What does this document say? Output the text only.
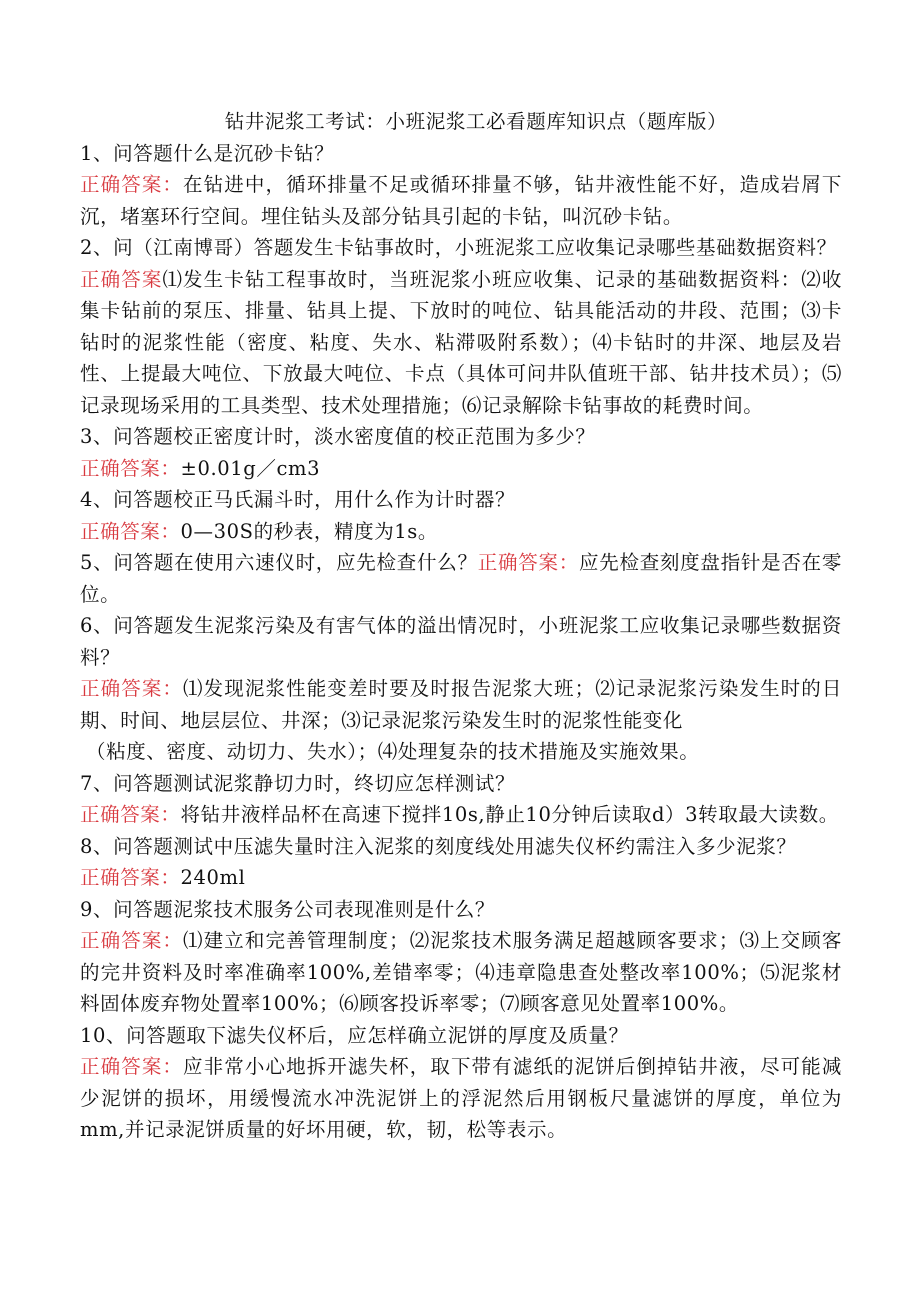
钻井泥浆工考试：小班泥浆工必看题库知识点（题库版）

1、问答题什么是沉砂卡钻？

正确答案：在钻进中，循环排量不足或循环排量不够，钻井液性能不好，造成岩屑下沉，堵塞环行空间。埋住钻头及部分钻具引起的卡钻，叫沉砂卡钻。

2、问（江南博哥）答题发生卡钻事故时，小班泥浆工应收集记录哪些基础数据资料？

正确答案⑴发生卡钻工程事故时，当班泥浆小班应收集、记录的基础数据资料：⑵收集卡钻前的泵压、排量、钻具上提、下放时的吨位、钻具能活动的井段、范围；⑶卡钻时的泥浆性能（密度、粘度、失水、粘滞吸附系数）；⑷卡钻时的井深、地层及岩性、上提最大吨位、下放最大吨位、卡点（具体可问井队值班干部、钻井技术员）；⑸记录现场采用的工具类型、技术处理措施；⑹记录解除卡钻事故的耗费时间。

3、问答题校正密度计时，淡水密度值的校正范围为多少？

正确答案：±0.01g／cm3

4、问答题校正马氏漏斗时，用什么作为计时器？

正确答案：0—30S的秒表，精度为1s。

5、问答题在使用六速仪时，应先检查什么？正确答案：应先检查刻度盘指针是否在零位。

6、问答题发生泥浆污染及有害气体的溢出情况时，小班泥浆工应收集记录哪些数据资料？

正确答案：⑴发现泥浆性能变差时要及时报告泥浆大班；⑵记录泥浆污染发生时的日期、时间、地层层位、井深；⑶记录泥浆污染发生时的泥浆性能变化

（粘度、密度、动切力、失水）；⑷处理复杂的技术措施及实施效果。

7、问答题测试泥浆静切力时，终切应怎样测试？

正确答案：将钻井液样品杯在高速下搅拌10s,静止10分钟后读取d）3转取最大读数。

8、问答题测试中压滤失量时注入泥浆的刻度线处用滤失仪杯约需注入多少泥浆？

正确答案：240ml

9、问答题泥浆技术服务公司表现准则是什么？

正确答案：⑴建立和完善管理制度；⑵泥浆技术服务满足超越顾客要求；⑶上交顾客的完井资料及时率准确率100%,差错率零；⑷违章隐患查处整改率100%；⑸泥浆材料固体废弃物处置率100%；⑹顾客投诉率零；⑺顾客意见处置率100%。

10、问答题取下滤失仪杯后，应怎样确立泥饼的厚度及质量？

正确答案：应非常小心地拆开滤失杯，取下带有滤纸的泥饼后倒掉钻井液，尽可能减少泥饼的损坏，用缓慢流水冲洗泥饼上的浮泥然后用钢板尺量滤饼的厚度，单位为mm,并记录泥饼质量的好坏用硬，软，韧，松等表示。
